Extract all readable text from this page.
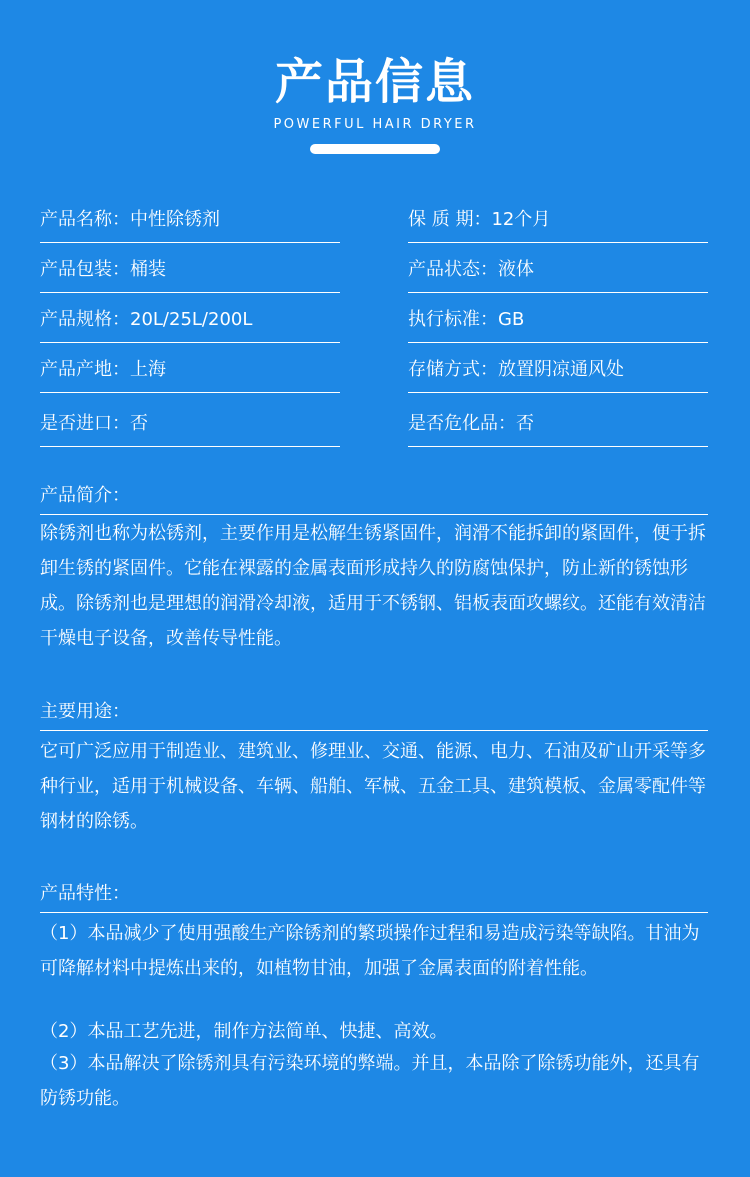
产品信息
POWERFUL HAIR DRYER
产品名称：中性除锈剂
产品包装：桶装
产品规格：20L/25L/200L
产品产地：上海
是否进口：否
保 质 期：12个月
产品状态：液体
执行标准：GB
存储方式：放置阴凉通风处
是否危化品：否
产品简介：

除锈剂也称为松锈剂，主要作用是松解生锈紧固件，润滑不能拆卸的紧固件，便于拆卸生锈的紧固件。它能在裸露的金属表面形成持久的防腐蚀保护，防止新的锈蚀形成。除锈剂也是理想的润滑冷却液，适用于不锈钢、铝板表面攻螺纹。还能有效清洁干燥电子设备，改善传导性能。

主要用途：

它可广泛应用于制造业、建筑业、修理业、交通、能源、电力、石油及矿山开采等多种行业，适用于机械设备、车辆、船舶、军械、五金工具、建筑模板、金属零配件等钢材的除锈。

产品特性：

（1）本品减少了使用强酸生产除锈剂的繁琐操作过程和易造成污染等缺陷。甘油为可降解材料中提炼出来的，如植物甘油，加强了金属表面的附着性能。

（2）本品工艺先进，制作方法简单、快捷、高效。

（3）本品解决了除锈剂具有污染环境的弊端。并且，本品除了除锈功能外，还具有防锈功能。
